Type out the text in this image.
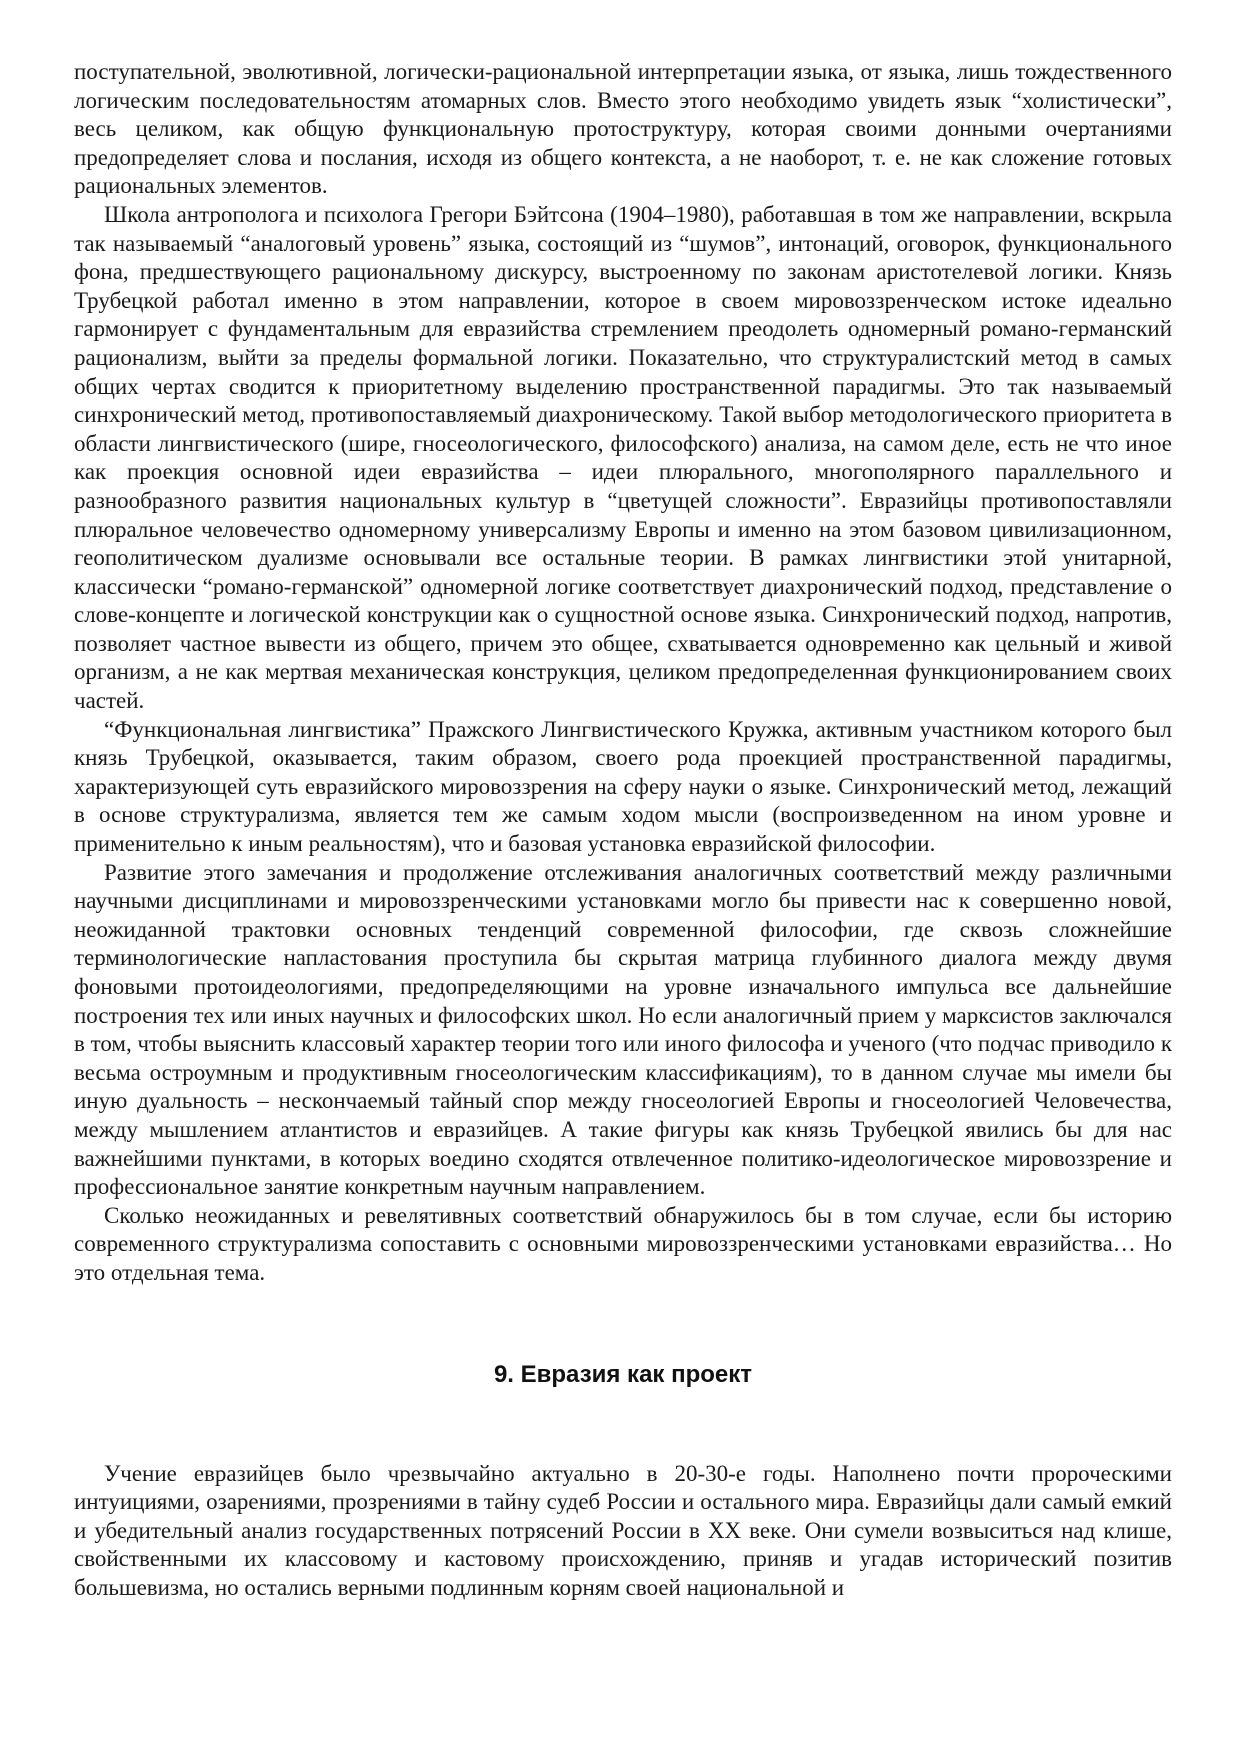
поступательной, эволютивной, логически-рациональной интерпретации языка, от языка, лишь тождественного логическим последовательностям атомарных слов. Вместо этого необходимо увидеть язык “холистически”, весь целиком, как общую функциональную протоструктуру, которая своими донными очертаниями предопределяет слова и послания, исходя из общего контекста, а не наоборот, т. е. не как сложение готовых рациональных элементов.

Школа антрополога и психолога Грегори Бэйтсона (1904–1980), работавшая в том же направлении, вскрыла так называемый “аналоговый уровень” языка, состоящий из “шумов”, интонаций, оговорок, функционального фона, предшествующего рациональному дискурсу, выстроенному по законам аристотелевой логики. Князь Трубецкой работал именно в этом направлении, которое в своем мировоззренческом истоке идеально гармонирует с фундаментальным для евразийства стремлением преодолеть одномерный романо-германский рационализм, выйти за пределы формальной логики. Показательно, что структуралистский метод в самых общих чертах сводится к приоритетному выделению пространственной парадигмы. Это так называемый синхронический метод, противопоставляемый диахроническому. Такой выбор методологического приоритета в области лингвистического (шире, гносеологического, философского) анализа, на самом деле, есть не что иное как проекция основной идеи евразийства – идеи плюрального, многополярного параллельного и разнообразного развития национальных культур в “цветущей сложности”. Евразийцы противопоставляли плюральное человечество одномерному универсализму Европы и именно на этом базовом цивилизационном, геополитическом дуализме основывали все остальные теории. В рамках лингвистики этой унитарной, классически “романо-германской” одномерной логике соответствует диахронический подход, представление о слове-концепте и логической конструкции как о сущностной основе языка. Синхронический подход, напротив, позволяет частное вывести из общего, причем это общее, схватывается одновременно как цельный и живой организм, а не как мертвая механическая конструкция, целиком предопределенная функционированием своих частей.

“Функциональная лингвистика” Пражского Лингвистического Кружка, активным участником которого был князь Трубецкой, оказывается, таким образом, своего рода проекцией пространственной парадигмы, характеризующей суть евразийского мировоззрения на сферу науки о языке. Синхронический метод, лежащий в основе структурализма, является тем же самым ходом мысли (воспроизведенном на ином уровне и применительно к иным реальностям), что и базовая установка евразийской философии.

Развитие этого замечания и продолжение отслеживания аналогичных соответствий между различными научными дисциплинами и мировоззренческими установками могло бы привести нас к совершенно новой, неожиданной трактовки основных тенденций современной философии, где сквозь сложнейшие терминологические напластования проступила бы скрытая матрица глубинного диалога между двумя фоновыми протоидеологиями, предопределяющими на уровне изначального импульса все дальнейшие построения тех или иных научных и философских школ. Но если аналогичный прием у марксистов заключался в том, чтобы выяснить классовый характер теории того или иного философа и ученого (что подчас приводило к весьма остроумным и продуктивным гносеологическим классификациям), то в данном случае мы имели бы иную дуальность – нескончаемый тайный спор между гносеологией Европы и гносеологией Человечества, между мышлением атлантистов и евразийцев. А такие фигуры как князь Трубецкой явились бы для нас важнейшими пунктами, в которых воедино сходятся отвлеченное политико-идеологическое мировоззрение и профессиональное занятие конкретным научным направлением.

Сколько неожиданных и ревелятивных соответствий обнаружилось бы в том случае, если бы историю современного структурализма сопоставить с основными мировоззренческими установками евразийства… Но это отдельная тема.

9. Евразия как проект

Учение евразийцев было чрезвычайно актуально в 20-30-е годы. Наполнено почти пророческими интуициями, озарениями, прозрениями в тайну судеб России и остального мира. Евразийцы дали самый емкий и убедительный анализ государственных потрясений России в XX веке. Они сумели возвыситься над клише, свойственными их классовому и кастовому происхождению, приняв и угадав исторический позитив большевизма, но остались верными подлинным корням своей национальной и
